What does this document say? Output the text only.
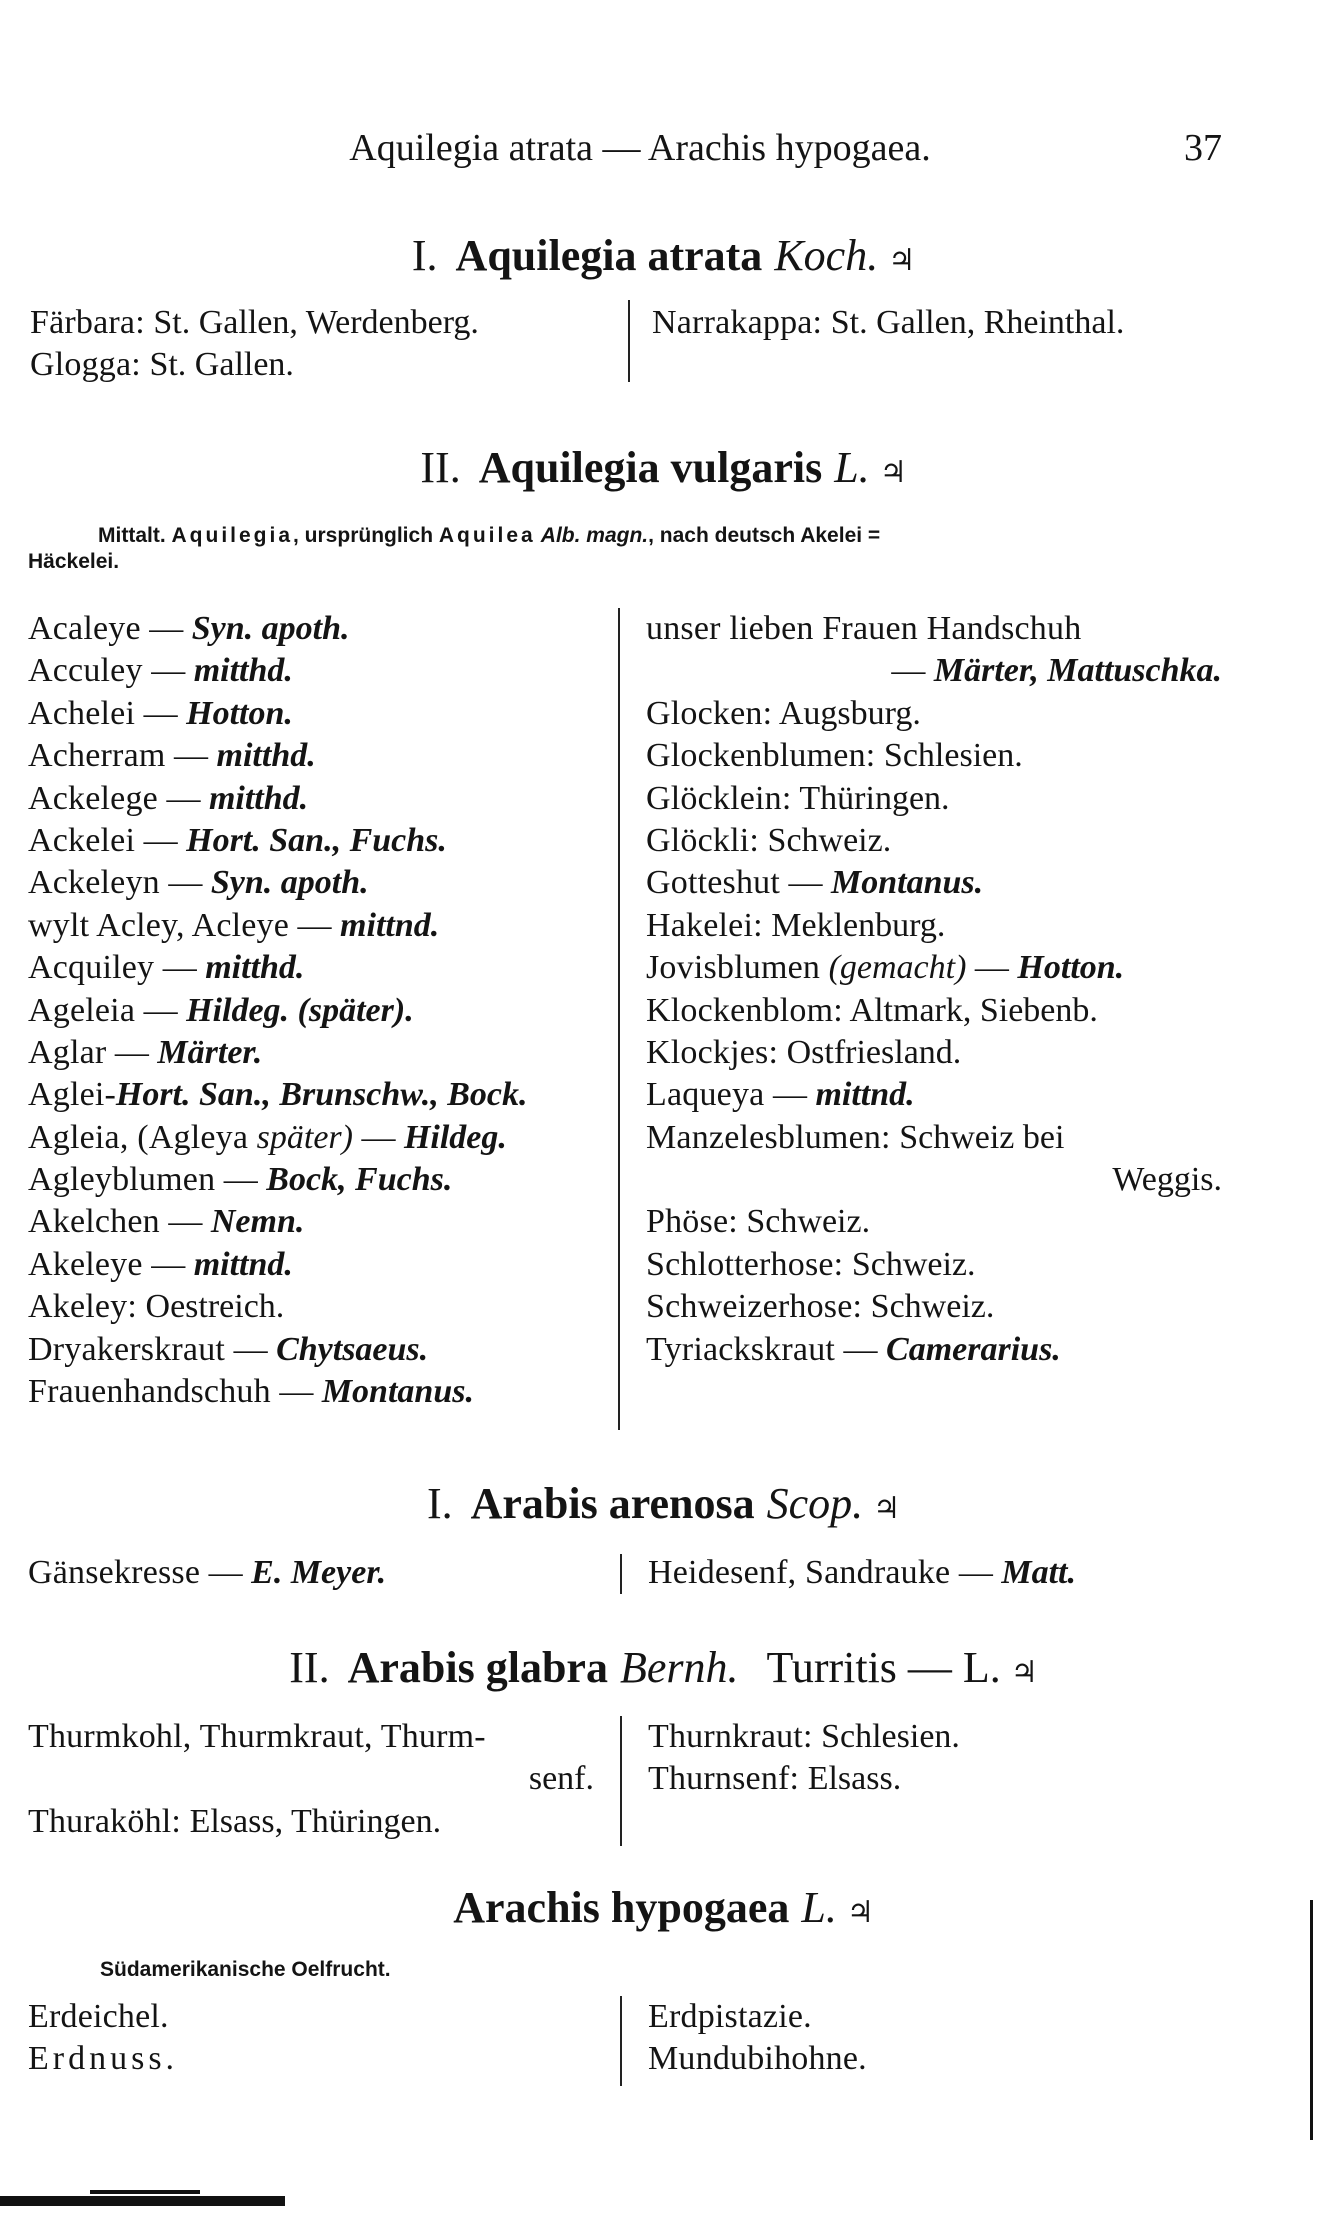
Aquilegia atrata — Arachis hypogaea.	37
I. Aquilegia atrata Koch. ♃
Färbara: St. Gallen, Werdenberg.
Glogga: St. Gallen.
Narrakappa: St. Gallen, Rheinthal.
II. Aquilegia vulgaris L. ♃
Mittalt. Aquilegia, ursprünglich Aquilea Alb. magn., nach deutsch Akelei =
Häckelei.
Acaleye — Syn. apoth.
Acculey — mitthd.
Achelei — Hotton.
Acherram — mitthd.
Ackelege — mitthd.
Ackelei — Hort. San., Fuchs.
Ackeleyn — Syn. apoth.
wylt Acley, Acleye — mittnd.
Acquiley — mitthd.
Ageleia — Hildeg. (später).
Aglar — Märter.
Aglei-Hort. San., Brunschw., Bock.
Agleia, (Agleya später) — Hildeg.
Agleyblumen — Bock, Fuchs.
Akelchen — Nemn.
Akeleye — mittnd.
Akeley: Oestreich.
Dryakerskraut — Chytsaeus.
Frauenhandschuh — Montanus.
unser lieben Frauen Handschuh
— Märter, Mattuschka.
Glocken: Augsburg.
Glockenblumen: Schlesien.
Glöcklein: Thüringen.
Glöckli: Schweiz.
Gotteshut — Montanus.
Hakelei: Meklenburg.
Jovisblumen (gemacht) — Hotton.
Klockenblom: Altmark, Siebenb.
Klockjes: Ostfriesland.
Laqueya — mittnd.
Manzelesblumen: Schweiz bei
Weggis.
Phöse: Schweiz.
Schlotterhose: Schweiz.
Schweizerhose: Schweiz.
Tyriackskraut — Camerarius.
I. Arabis arenosa Scop. ♃
Gänsekresse — E. Meyer.	Heidesenf, Sandrauke — Matt.
II. Arabis glabra Bernh. Turritis — L. ♃
Thurmkohl, Thurmkraut, Thurm-
senf.
Thuraköhl: Elsass, Thüringen.
Thurnkraut: Schlesien.
Thurnsenf: Elsass.
Arachis hypogaea L. ♃
Südamerikanische Oelfrucht.
Erdeichel.
Erdnuss.
Erdpistazie.
Mundubihohne.
